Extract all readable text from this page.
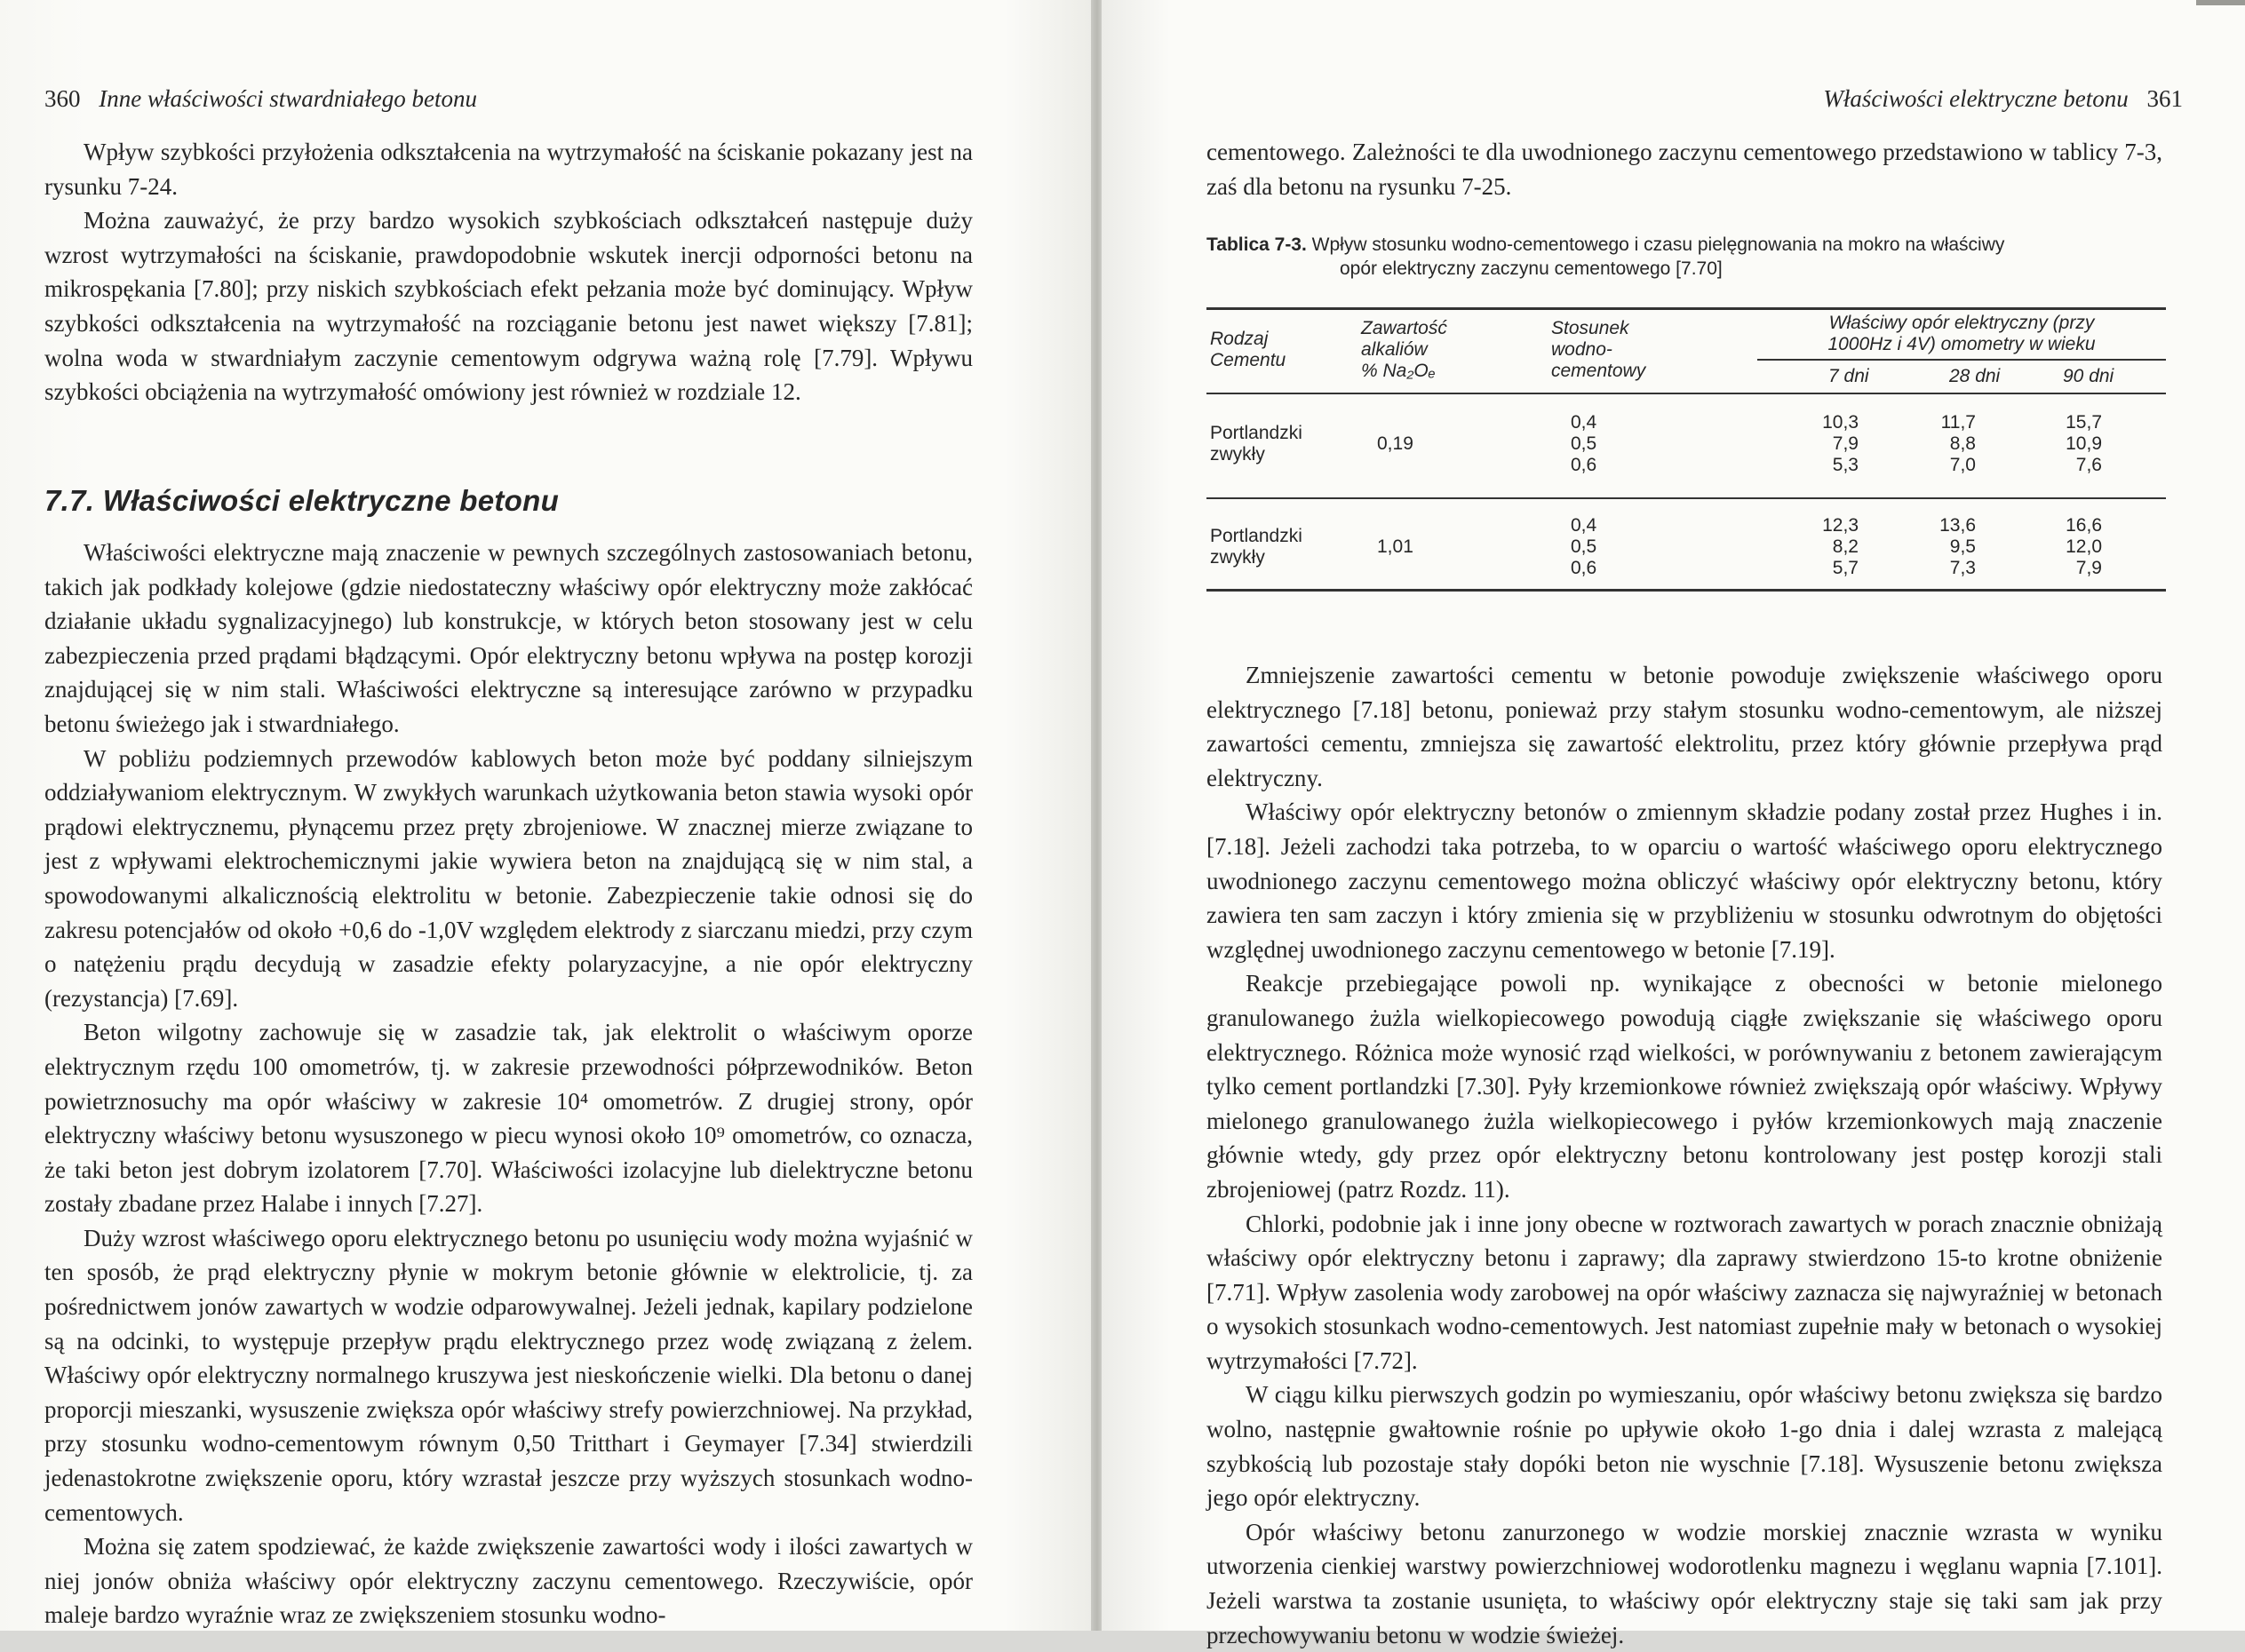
360 Inne właściwości stwardniałego betonu

Wpływ szybkości przyłożenia odkształcenia na wytrzymałość na ściskanie pokazany jest na rysunku 7-24.

Można zauważyć, że przy bardzo wysokich szybkościach odkształceń następuje duży wzrost wytrzymałości na ściskanie, prawdopodobnie wskutek inercji odporności betonu na mikrospękania [7.80]; przy niskich szybkościach efekt pełzania może być dominujący. Wpływ szybkości odkształcenia na wytrzymałość na rozciąganie betonu jest nawet większy [7.81]; wolna woda w stwardniałym zaczynie cementowym odgrywa ważną rolę [7.79]. Wpływu szybkości obciążenia na wytrzymałość omówiony jest również w rozdziale 12.

7.7. Właściwości elektryczne betonu

Właściwości elektryczne mają znaczenie w pewnych szczególnych zastosowaniach betonu, takich jak podkłady kolejowe (gdzie niedostateczny właściwy opór elektryczny może zakłócać działanie układu sygnalizacyjnego) lub konstrukcje, w których beton stosowany jest w celu zabezpieczenia przed prądami błądzącymi. Opór elektryczny betonu wpływa na postęp korozji znajdującej się w nim stali. Właściwości elektryczne są interesujące zarówno w przypadku betonu świeżego jak i stwardniałego.

W pobliżu podziemnych przewodów kablowych beton może być poddany silniejszym oddziaływaniom elektrycznym. W zwykłych warunkach użytkowania beton stawia wysoki opór prądowi elektrycznemu, płynącemu przez pręty zbrojeniowe. W znacznej mierze związane to jest z wpływami elektrochemicznymi jakie wywiera beton na znajdującą się w nim stal, a spowodowanymi alkalicznością elektrolitu w betonie. Zabezpieczenie takie odnosi się do zakresu potencjałów od około +0,6 do -1,0V względem elektrody z siarczanu miedzi, przy czym o natężeniu prądu decydują w zasadzie efekty polaryzacyjne, a nie opór elektryczny (rezystancja) [7.69].

Beton wilgotny zachowuje się w zasadzie tak, jak elektrolit o właściwym oporze elektrycznym rzędu 100 omometrów, tj. w zakresie przewodności półprzewodników. Beton powietrznosuchy ma opór właściwy w zakresie 10⁴ omometrów. Z drugiej strony, opór elektryczny właściwy betonu wysuszonego w piecu wynosi około 10⁹ omometrów, co oznacza, że taki beton jest dobrym izolatorem [7.70]. Właściwości izolacyjne lub dielektryczne betonu zostały zbadane przez Halabe i innych [7.27].

Duży wzrost właściwego oporu elektrycznego betonu po usunięciu wody można wyjaśnić w ten sposób, że prąd elektryczny płynie w mokrym betonie głównie w elektrolicie, tj. za pośrednictwem jonów zawartych w wodzie odparowywalnej. Jeżeli jednak, kapilary podzielone są na odcinki, to występuje przepływ prądu elektrycznego przez wodę związaną z żelem. Właściwy opór elektryczny normalnego kruszywa jest nieskończenie wielki. Dla betonu o danej proporcji mieszanki, wysuszenie zwiększa opór właściwy strefy powierzchniowej. Na przykład, przy stosunku wodno-cementowym równym 0,50 Tritthart i Geymayer [7.34] stwierdzili jedenastokrotne zwiększenie oporu, który wzrastał jeszcze przy wyższych stosunkach wodno-cementowych.

Można się zatem spodziewać, że każde zwiększenie zawartości wody i ilości zawartych w niej jonów obniża właściwy opór elektryczny zaczynu cementowego. Rzeczywiście, opór maleje bardzo wyraźnie wraz ze zwiększeniem stosunku wodno-

Właściwości elektryczne betonu 361

cementowego. Zależności te dla uwodnionego zaczynu cementowego przedstawiono w tablicy 7-3, zaś dla betonu na rysunku 7-25.

Tablica 7-3. Wpływ stosunku wodno-cementowego i czasu pielęgnowania na mokro na właściwy
opór elektryczny zaczynu cementowego [7.70]
Rodzaj
Cementu
Zawartość
alkaliów
% Na₂Oₑ
Stosunek
wodno-
cementowy
Właściwy opór elektryczny (przy
1000Hz i 4V) omometry w wieku
7 dni	28 dni	90 dni
Portlandzki
zwykły
0,19
0,4
0,5
0,6
10,3
7,9
5,3
11,7
8,8
7,0
15,7
10,9
7,6
Portlandzki
zwykły
1,01
0,4
0,5
0,6
12,3
8,2
5,7
13,6
9,5
7,3
16,6
12,0
7,9

Zmniejszenie zawartości cementu w betonie powoduje zwiększenie właściwego oporu elektrycznego [7.18] betonu, ponieważ przy stałym stosunku wodno-cementowym, ale niższej zawartości cementu, zmniejsza się zawartość elektrolitu, przez który głównie przepływa prąd elektryczny.

Właściwy opór elektryczny betonów o zmiennym składzie podany został przez Hughes i in. [7.18]. Jeżeli zachodzi taka potrzeba, to w oparciu o wartość właściwego oporu elektrycznego uwodnionego zaczynu cementowego można obliczyć właściwy opór elektryczny betonu, który zawiera ten sam zaczyn i który zmienia się w przybliżeniu w stosunku odwrotnym do objętości względnej uwodnionego zaczynu cementowego w betonie [7.19].

Reakcje przebiegające powoli np. wynikające z obecności w betonie mielonego granulowanego żużla wielkopiecowego powodują ciągłe zwiększanie się właściwego oporu elektrycznego. Różnica może wynosić rząd wielkości, w porównywaniu z betonem zawierającym tylko cement portlandzki [7.30]. Pyły krzemionkowe również zwiększają opór właściwy. Wpływy mielonego granulowanego żużla wielkopiecowego i pyłów krzemionkowych mają znaczenie głównie wtedy, gdy przez opór elektryczny betonu kontrolowany jest postęp korozji stali zbrojeniowej (patrz Rozdz. 11).

Chlorki, podobnie jak i inne jony obecne w roztworach zawartych w porach znacznie obniżają właściwy opór elektryczny betonu i zaprawy; dla zaprawy stwierdzono 15-to krotne obniżenie [7.71]. Wpływ zasolenia wody zarobowej na opór właściwy zaznacza się najwyraźniej w betonach o wysokich stosunkach wodno-cementowych. Jest natomiast zupełnie mały w betonach o wysokiej wytrzymałości [7.72].

W ciągu kilku pierwszych godzin po wymieszaniu, opór właściwy betonu zwiększa się bardzo wolno, następnie gwałtownie rośnie po upływie około 1-go dnia i dalej wzrasta z malejącą szybkością lub pozostaje stały dopóki beton nie wyschnie [7.18]. Wysuszenie betonu zwiększa jego opór elektryczny.

Opór właściwy betonu zanurzonego w wodzie morskiej znacznie wzrasta w wyniku utworzenia cienkiej warstwy powierzchniowej wodorotlenku magnezu i węglanu wapnia [7.101]. Jeżeli warstwa ta zostanie usunięta, to właściwy opór elektryczny staje się taki sam jak przy przechowywaniu betonu w wodzie świeżej.
